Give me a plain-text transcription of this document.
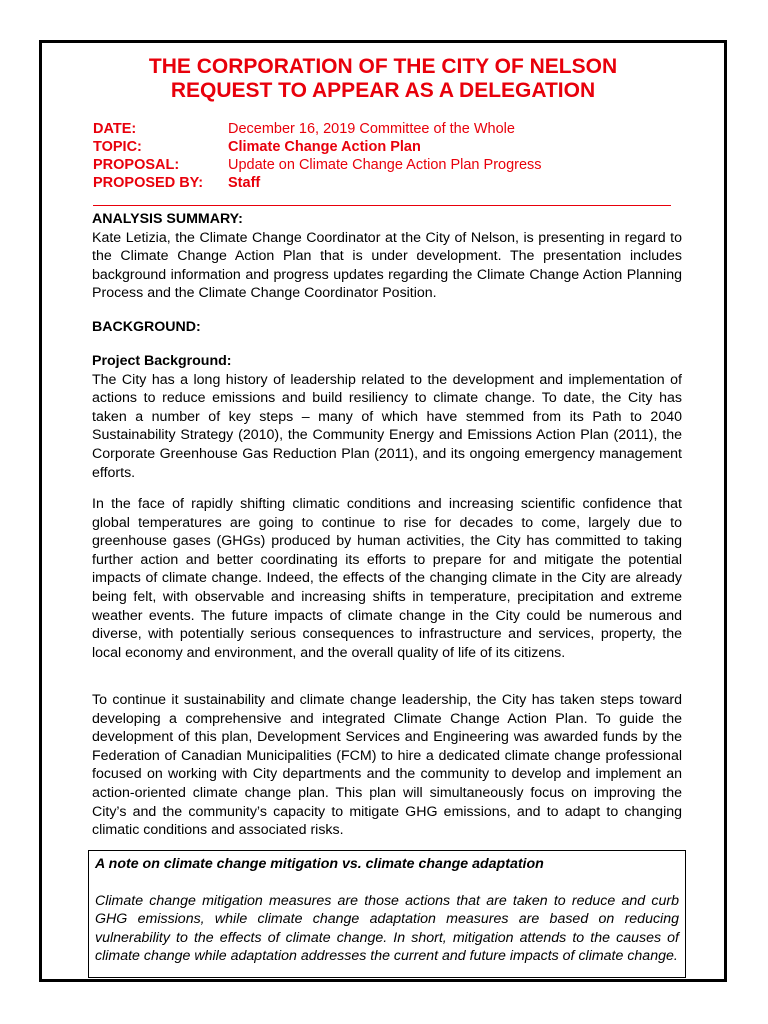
THE CORPORATION OF THE CITY OF NELSON
REQUEST TO APPEAR AS A DELEGATION
DATE:	December 16, 2019 Committee of the Whole
TOPIC:	Climate Change Action Plan
PROPOSAL:	Update on Climate Change Action Plan Progress
PROPOSED BY:	Staff
ANALYSIS SUMMARY:

Kate Letizia, the Climate Change Coordinator at the City of Nelson, is presenting in regard to the Climate Change Action Plan that is under development. The presentation includes background information and progress updates regarding the Climate Change Action Planning Process and the Climate Change Coordinator Position.

BACKGROUND:
Project Background:

The City has a long history of leadership related to the development and implementation of actions to reduce emissions and build resiliency to climate change. To date, the City has taken a number of key steps – many of which have stemmed from its Path to 2040 Sustainability Strategy (2010), the Community Energy and Emissions Action Plan (2011), the Corporate Greenhouse Gas Reduction Plan (2011), and its ongoing emergency management efforts.

In the face of rapidly shifting climatic conditions and increasing scientific confidence that global temperatures are going to continue to rise for decades to come, largely due to greenhouse gases (GHGs) produced by human activities, the City has committed to taking further action and better coordinating its efforts to prepare for and mitigate the potential impacts of climate change. Indeed, the effects of the changing climate in the City are already being felt, with observable and increasing shifts in temperature, precipitation and extreme weather events. The future impacts of climate change in the City could be numerous and diverse, with potentially serious consequences to infrastructure and services, property, the local economy and environment, and the overall quality of life of its citizens.

To continue it sustainability and climate change leadership, the City has taken steps toward developing a comprehensive and integrated Climate Change Action Plan. To guide the development of this plan, Development Services and Engineering was awarded funds by the Federation of Canadian Municipalities (FCM) to hire a dedicated climate change professional focused on working with City departments and the community to develop and implement an action-oriented climate change plan. This plan will simultaneously focus on improving the City’s and the community’s capacity to mitigate GHG emissions, and to adapt to changing climatic conditions and associated risks.

A note on climate change mitigation vs. climate change adaptation

Climate change mitigation measures are those actions that are taken to reduce and curb GHG emissions, while climate change adaptation measures are based on reducing vulnerability to the effects of climate change. In short, mitigation attends to the causes of climate change while adaptation addresses the current and future impacts of climate change.
